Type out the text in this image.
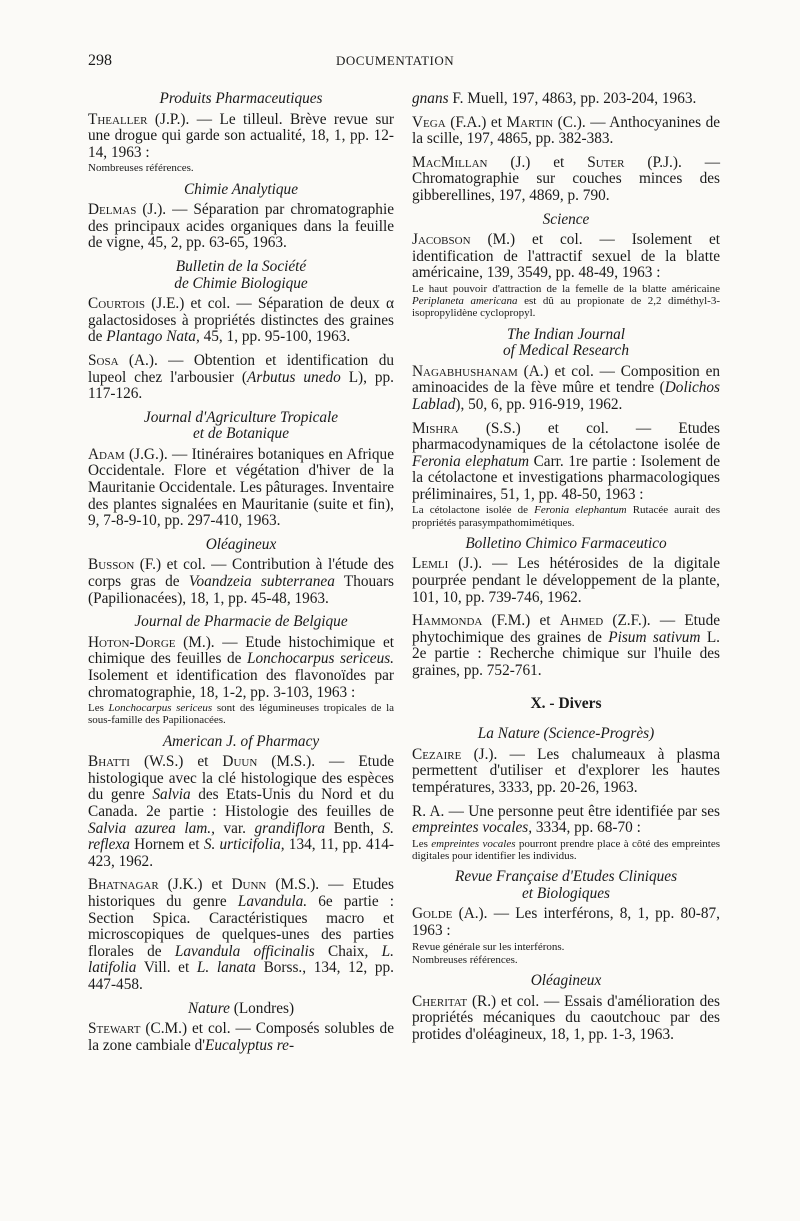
298	DOCUMENTATION
Produits Pharmaceutiques

Thealler (J.P.). — Le tilleul. Brève revue sur une drogue qui garde son actualité, 18, 1, pp. 12-14, 1963 :

Nombreuses références.
Chimie Analytique

Delmas (J.). — Séparation par chromatographie des principaux acides organiques dans la feuille de vigne, 45, 2, pp. 63-65, 1963.

Bulletin de la Société
de Chimie Biologique

Courtois (J.E.) et col. — Séparation de deux α galactosidoses à propriétés distinctes des graines de Plantago Nata, 45, 1, pp. 95-100, 1963.

Sosa (A.). — Obtention et identification du lupeol chez l'arbousier (Arbutus unedo L), pp. 117-126.

Journal d'Agriculture Tropicale
et de Botanique

Adam (J.G.). — Itinéraires botaniques en Afrique Occidentale. Flore et végétation d'hiver de la Mauritanie Occidentale. Les pâturages. Inventaire des plantes signalées en Mauritanie (suite et fin), 9, 7-8-9-10, pp. 297-410, 1963.

Oléagineux

Busson (F.) et col. — Contribution à l'étude des corps gras de Voandzeia subterranea Thouars (Papilionacées), 18, 1, pp. 45-48, 1963.

Journal de Pharmacie de Belgique

Hoton-Dorge (M.). — Etude histochimique et chimique des feuilles de Lonchocarpus sericeus. Isolement et identification des flavonoïdes par chromatographie, 18, 1-2, pp. 3-103, 1963 :

Les Lonchocarpus sericeus sont des légumineuses tropicales de la sous-famille des Papilionacées.
American J. of Pharmacy

Bhatti (W.S.) et Duun (M.S.). — Etude histologique avec la clé histologique des espèces du genre Salvia des Etats-Unis du Nord et du Canada. 2e partie : Histologie des feuilles de Salvia azurea lam., var. grandiflora Benth, S. reflexa Hornem et S. urticifolia, 134, 11, pp. 414-423, 1962.

Bhatnagar (J.K.) et Dunn (M.S.). — Etudes historiques du genre Lavandula. 6e partie : Section Spica. Caractéristiques macro et microscopiques de quelques-unes des parties florales de Lavandula officinalis Chaix, L. latifolia Vill. et L. lanata Borss., 134, 12, pp. 447-458.

Nature (Londres)

Stewart (C.M.) et col. — Composés solubles de la zone cambiale d'Eucalyptus re-

gnans F. Muell, 197, 4863, pp. 203-204, 1963.

Vega (F.A.) et Martin (C.). — Anthocyanines de la scille, 197, 4865, pp. 382-383.

MacMillan (J.) et Suter (P.J.). — Chromatographie sur couches minces des gibberellines, 197, 4869, p. 790.

Science

Jacobson (M.) et col. — Isolement et identification de l'attractif sexuel de la blatte américaine, 139, 3549, pp. 48-49, 1963 :

Le haut pouvoir d'attraction de la femelle de la blatte américaine Periplaneta americana est dû au propionate de 2,2 diméthyl-3-isopropylidène cyclopropyl.
The Indian Journal
of Medical Research

Nagabhushanam (A.) et col. — Composition en aminoacides de la fève mûre et tendre (Dolichos Lablad), 50, 6, pp. 916-919, 1962.

Mishra (S.S.) et col. — Etudes pharmacodynamiques de la cétolactone isolée de Feronia elephatum Carr. 1re partie : Isolement de la cétolactone et investigations pharmacologiques préliminaires, 51, 1, pp. 48-50, 1963 :

La cétolactone isolée de Feronia elephantum Rutacée aurait des propriétés parasympathomimétiques.
Bolletino Chimico Farmaceutico

Lemli (J.). — Les hétérosides de la digitale pourprée pendant le développement de la plante, 101, 10, pp. 739-746, 1962.

Hammonda (F.M.) et Ahmed (Z.F.). — Etude phytochimique des graines de Pisum sativum L. 2e partie : Recherche chimique sur l'huile des graines, pp. 752-761.

X. - Divers
La Nature (Science-Progrès)

Cezaire (J.). — Les chalumeaux à plasma permettent d'utiliser et d'explorer les hautes températures, 3333, pp. 20-26, 1963.

R. A. — Une personne peut être identifiée par ses empreintes vocales, 3334, pp. 68-70 :

Les empreintes vocales pourront prendre place à côté des empreintes digitales pour identifier les individus.
Revue Française d'Etudes Cliniques
et Biologiques

Golde (A.). — Les interférons, 8, 1, pp. 80-87, 1963 :

Revue générale sur les interférons.
Nombreuses références.
Oléagineux

Cheritat (R.) et col. — Essais d'amélioration des propriétés mécaniques du caoutchouc par des protides d'oléagineux, 18, 1, pp. 1-3, 1963.
